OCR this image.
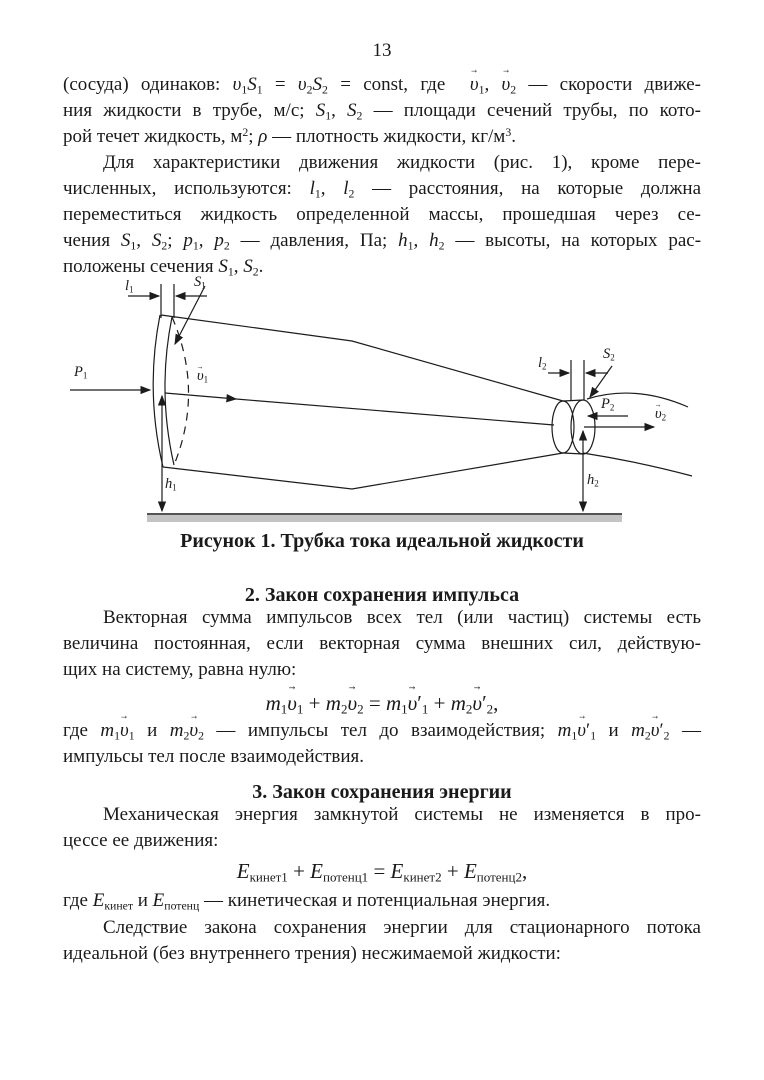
13
(сосуда) одинаков: $\upsilon_1S_1 = \upsilon_2S_2$ = const, где  $\upsilon \to_1$, $\upsilon \to_2$ — скорости движе-
ния жидкости в трубе, м/с; $S_1$, $S_2$ — площади сечений трубы, по кото-
рой течет жидкость, $м^2$; ρ — плотность жидкости, $кг/м^3$.
Для характеристики движения жидкости (рис. 1), кроме пере-
численных, используются: $l_1$, $l_2$ — расстояния, на которые должна
переместиться жидкость определенной массы, прошедшая через се-
чения $S_1$, $S_2$; $p_1$, $p_2$ — давления, Па; $h_1$, $h_2$ — высоты, на которых рас-
положены сечения $S_1$, $S_2$.
$l_1$	$S_1$
$P_1$	$\upsilon \to_1$
$h_1$
$l_2$
$S_2$
$P_2$	$\upsilon \to_2$
$h_2$
Рисунок 1. Трубка тока идеальной жидкости
2. Закон сохранения импульса
Векторная сумма импульсов всех тел (или частиц) системы есть
величина постоянная, если векторная сумма внешних сил, действую-
щих на систему, равна нулю:
$m_1\upsilon \to_1 + m_2\upsilon \to_2 = m_1\upsilon \to'_1 + m_2\upsilon \to'_2$,
где $m_1\upsilon \to_1$ и $m_2\upsilon \to_2$ — импульсы тел до взаимодействия; $m_1\upsilon \to'_1$ и $m_2\upsilon \to'_2$ —
импульсы тел после взаимодействия.
3. Закон сохранения энергии
Механическая энергия замкнутой системы не изменяется в про-
цессе ее движения:
$E_{кинет1} + E_{потенц1} = E_{кинет2} + E_{потенц2}$,
где $E_{кинет}$ и $E_{потенц}$ — кинетическая и потенциальная энергия.
Следствие закона сохранения энергии для стационарного потока
идеальной (без внутреннего трения) несжимаемой жидкости:
